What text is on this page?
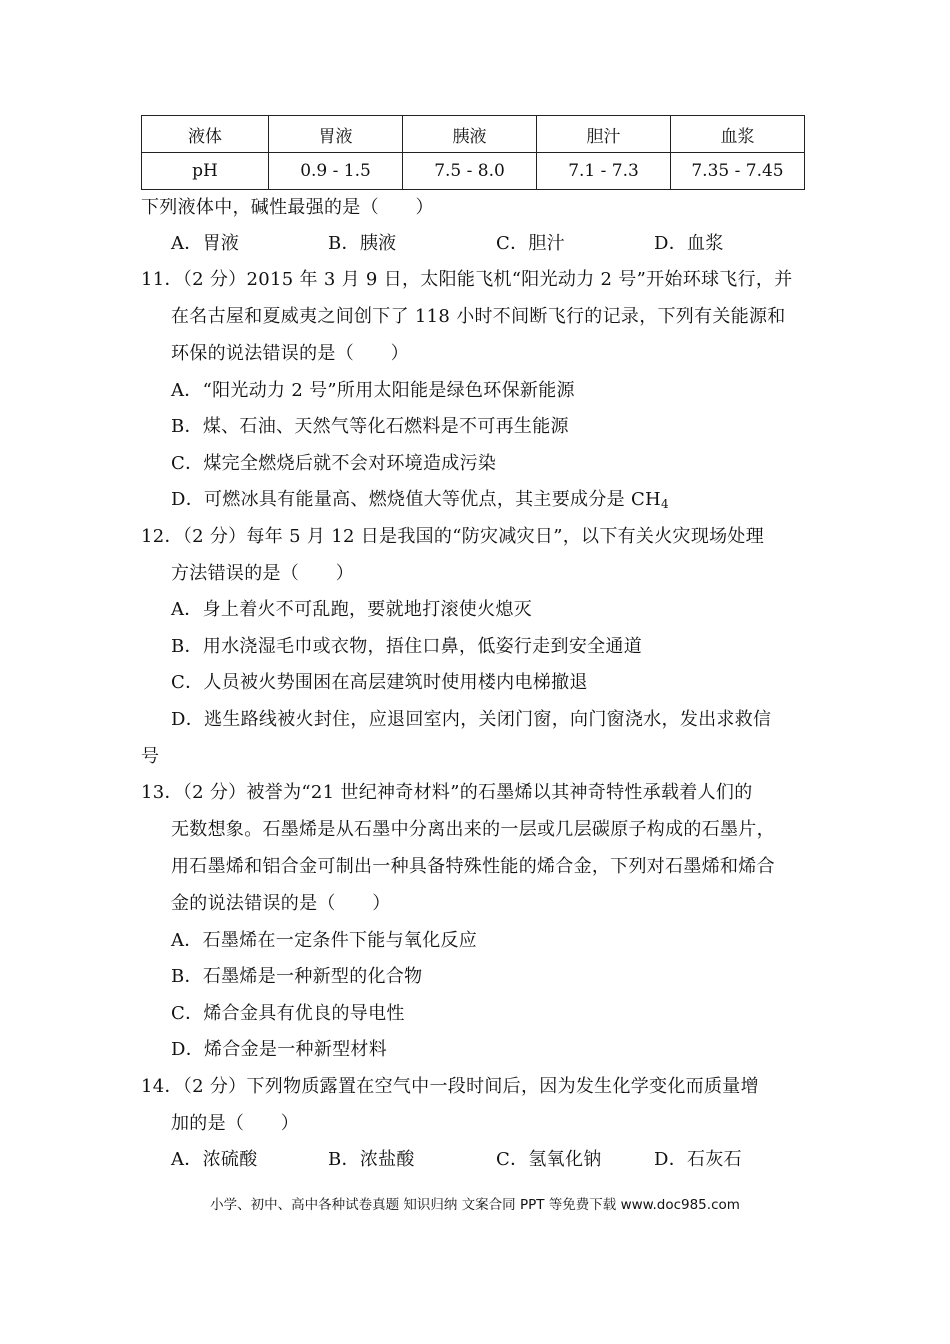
液体	胃液	胰液	胆汁	血浆
pH	0.9 - 1.5	7.5 - 8.0	7.1 - 7.3	7.35 - 7.45
下列液体中，碱性最强的是（　　）
A．胃液	B．胰液	C．胆汁	D．血浆
11．（2 分）2015 年 3 月 9 日，太阳能飞机“阳光动力 2 号”开始环球飞行，并
在名古屋和夏威夷之间创下了 118 小时不间断飞行的记录，下列有关能源和
环保的说法错误的是（　　）
A．“阳光动力 2 号”所用太阳能是绿色环保新能源
B．煤、石油、天然气等化石燃料是不可再生能源
C．煤完全燃烧后就不会对环境造成污染
D．可燃冰具有能量高、燃烧值大等优点，其主要成分是 $CH_4$
12．（2 分）每年 5 月 12 日是我国的“防灾减灾日”，以下有关火灾现场处理
方法错误的是（　　）
A．身上着火不可乱跑，要就地打滚使火熄灭
B．用水浇湿毛巾或衣物，捂住口鼻，低姿行走到安全通道
C．人员被火势围困在高层建筑时使用楼内电梯撤退
D．逃生路线被火封住，应退回室内，关闭门窗，向门窗浇水，发出求救信
号
13．（2 分）被誉为“21 世纪神奇材料”的石墨烯以其神奇特性承载着人们的
无数想象。石墨烯是从石墨中分离出来的一层或几层碳原子构成的石墨片，
用石墨烯和铝合金可制出一种具备特殊性能的烯合金，下列对石墨烯和烯合
金的说法错误的是（　　）
A．石墨烯在一定条件下能与氧化反应
B．石墨烯是一种新型的化合物
C．烯合金具有优良的导电性
D．烯合金是一种新型材料
14．（2 分）下列物质露置在空气中一段时间后，因为发生化学变化而质量增
加的是（　　）
A．浓硫酸	B．浓盐酸	C．氢氧化钠	D．石灰石
小学、初中、高中各种试卷真题 知识归纳 文案合同 PPT 等免费下载 www.doc985.com
